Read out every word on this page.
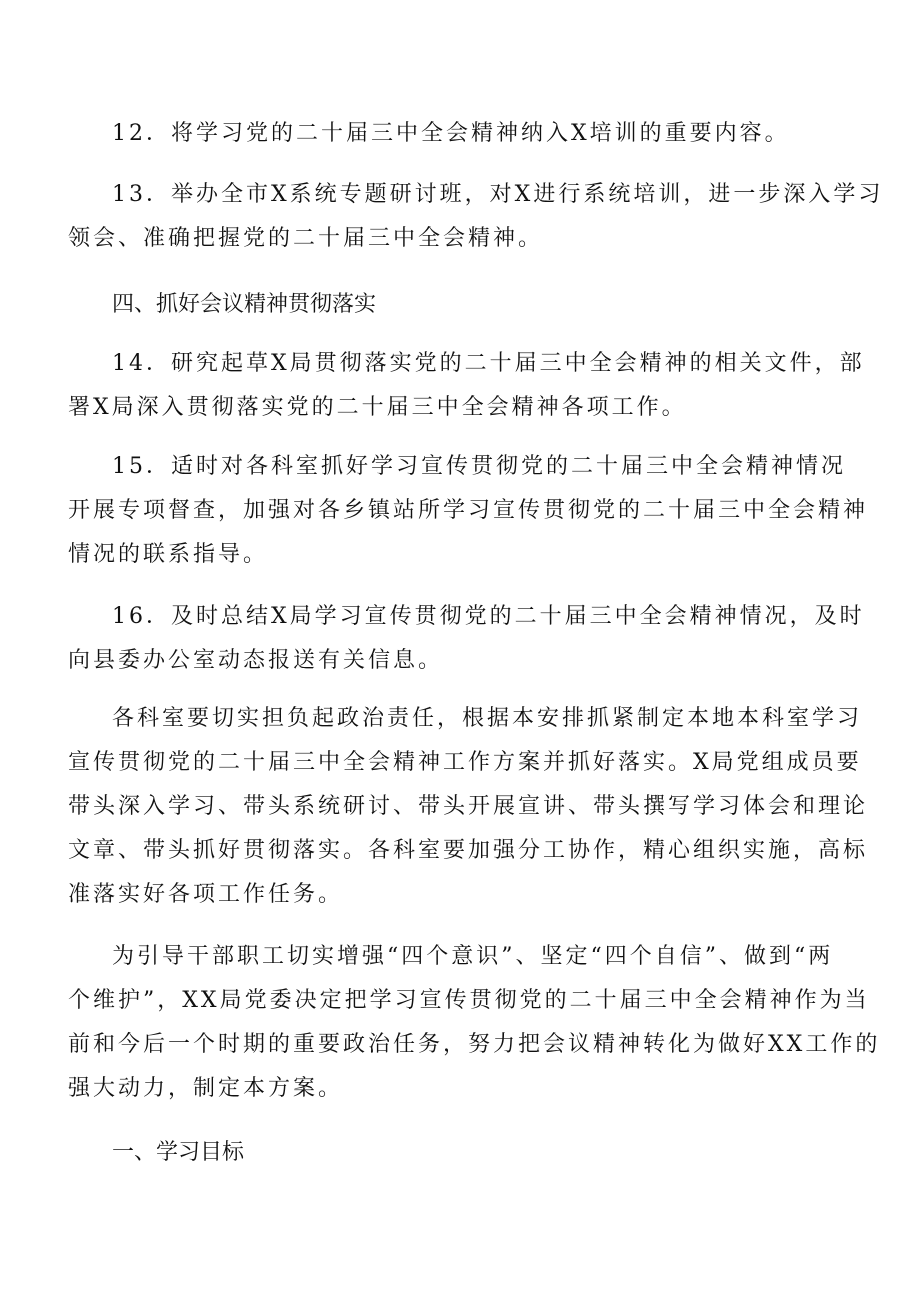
12．将学习党的二十届三中全会精神纳入X培训的重要内容。
13．举办全市X系统专题研讨班，对X进行系统培训，进一步深入学习
领会、准确把握党的二十届三中全会精神。
四、抓好会议精神贯彻落实
14．研究起草X局贯彻落实党的二十届三中全会精神的相关文件，部
署X局深入贯彻落实党的二十届三中全会精神各项工作。
15．适时对各科室抓好学习宣传贯彻党的二十届三中全会精神情况
开展专项督查，加强对各乡镇站所学习宣传贯彻党的二十届三中全会精神
情况的联系指导。
16．及时总结X局学习宣传贯彻党的二十届三中全会精神情况，及时
向县委办公室动态报送有关信息。
各科室要切实担负起政治责任，根据本安排抓紧制定本地本科室学习
宣传贯彻党的二十届三中全会精神工作方案并抓好落实。X局党组成员要
带头深入学习、带头系统研讨、带头开展宣讲、带头撰写学习体会和理论
文章、带头抓好贯彻落实。各科室要加强分工协作，精心组织实施，高标
准落实好各项工作任务。
为引导干部职工切实增强“四个意识”、坚定“四个自信”、做到“两
个维护”，XX局党委决定把学习宣传贯彻党的二十届三中全会精神作为当
前和今后一个时期的重要政治任务，努力把会议精神转化为做好XX工作的
强大动力，制定本方案。
一、学习目标
